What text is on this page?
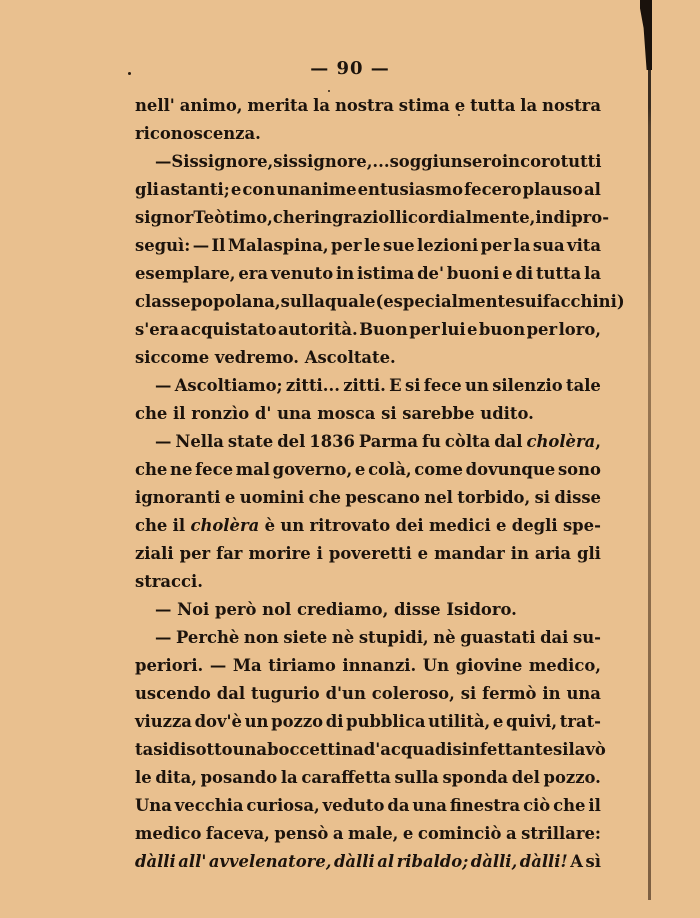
— 90 —
nell' animo, merita la nostra stima e tutta la nostra
riconoscenza.
— Sissignore, sissignore,... soggiunsero in coro tutti
gli astanti; e con unanime entusiasmo fecero plauso al
signor Teòtimo, che ringraziolli cordialmente, indi pro-
seguì: — Il Malaspina, per le sue lezioni per la sua vita
esemplare, era venuto in istima de' buoni e di tutta la
classe popolana, sulla quale (e specialmente sui facchini)
s'era acquistato autorità. Buon per lui e buon per loro,
siccome vedremo. Ascoltate.
— Ascoltiamo; zitti... zitti. E si fece un silenzio tale
che il ronzìo d' una mosca si sarebbe udito.
— Nella state del 1836 Parma fu còlta dal cholèra,
che ne fece mal governo, e colà, come dovunque sono
ignoranti e uomini che pescano nel torbido, si disse
che il cholèra è un ritrovato dei medici e degli spe-
ziali per far morire i poveretti e mandar in aria gli
stracci.
— Noi però nol crediamo, disse Isidoro.
— Perchè non siete nè stupidi, nè guastati dai su-
periori. — Ma tiriamo innanzi. Un giovine medico,
uscendo dal tugurio d'un coleroso, si fermò in una
viuzza dov'è un pozzo di pubblica utilità, e quivi, trat-
tasi di sotto una boccettina d'acqua disinfettante si lavò
le dita, posando la caraffetta sulla sponda del pozzo.
Una vecchia curiosa, veduto da una finestra ciò che il
medico faceva, pensò a male, e cominciò a strillare:
dàlli all' avvelenatore, dàlli al ribaldo; dàlli, dàlli! A sì
